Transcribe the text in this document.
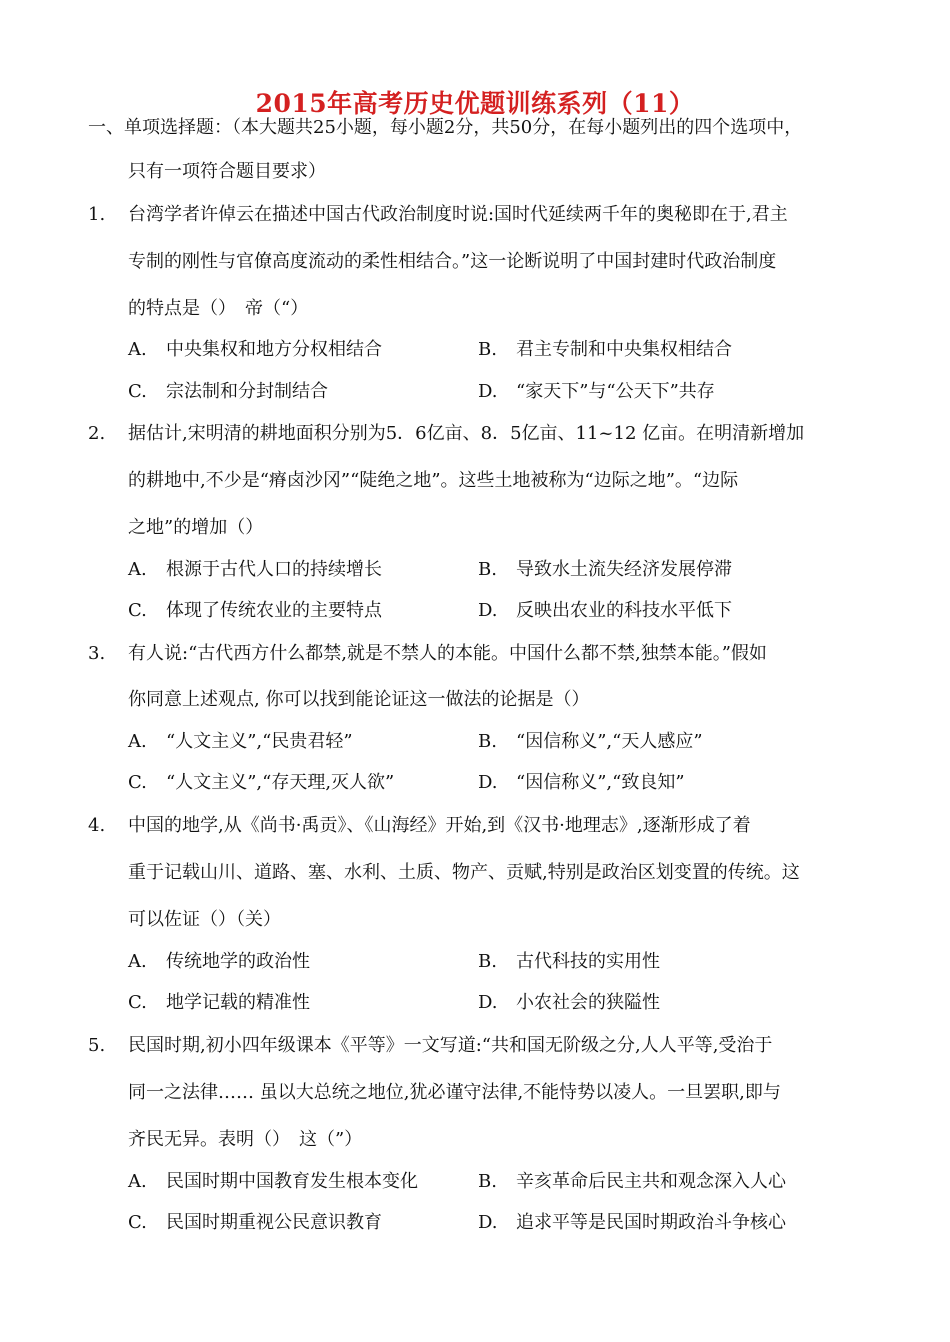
2015年高考历史优题训练系列（11）
一、单项选择题：（本大题共25小题，每小题2分，共50分，在每小题列出的四个选项中，
只有一项符合题目要求）
1. 台湾学者许倬云在描述中国古代政治制度时说:国时代延续两千年的奥秘即在于,君主
专制的刚性与官僚高度流动的柔性相结合。”这一论断说明了中国封建时代政治制度
的特点是（）　帝（“）
A. 中央集权和地方分权相结合	B. 君主专制和中央集权相结合
C. 宗法制和分封制结合	D. “家天下”与“公天下”共存
2. 据估计,宋明清的耕地面积分别为5．6亿亩、8．5亿亩、11~12 亿亩。在明清新增加
的耕地中,不少是“瘠卤沙冈”“陡绝之地”。这些土地被称为“边际之地”。“边际
之地”的增加（）
A. 根源于古代人口的持续增长	B. 导致水土流失经济发展停滞
C. 体现了传统农业的主要特点	D. 反映出农业的科技水平低下
3. 有人说:“古代西方什么都禁,就是不禁人的本能。中国什么都不禁,独禁本能。”假如
你同意上述观点, 你可以找到能论证这一做法的论据是（）
A. “人文主义”,“民贵君轻”	B. “因信称义”,“天人感应”
C. “人文主义”,“存天理,灭人欲”	D. “因信称义”,“致良知”
4. 中国的地学,从《尚书·禹贡》、《山海经》开始,到《汉书·地理志》,逐渐形成了着
重于记载山川、道路、塞、水利、土质、物产、贡赋,特别是政治区划变置的传统。这
可以佐证（）（关）
A. 传统地学的政治性	B. 古代科技的实用性
C. 地学记载的精准性	D. 小农社会的狭隘性
5. 民国时期,初小四年级课本《平等》一文写道:“共和国无阶级之分,人人平等,受治于
同一之法律…… 虽以大总统之地位,犹必谨守法律,不能恃势以凌人。一旦罢职,即与
齐民无异。表明（）　这（”）
A. 民国时期中国教育发生根本变化	B. 辛亥革命后民主共和观念深入人心
C. 民国时期重视公民意识教育	D. 追求平等是民国时期政治斗争核心
